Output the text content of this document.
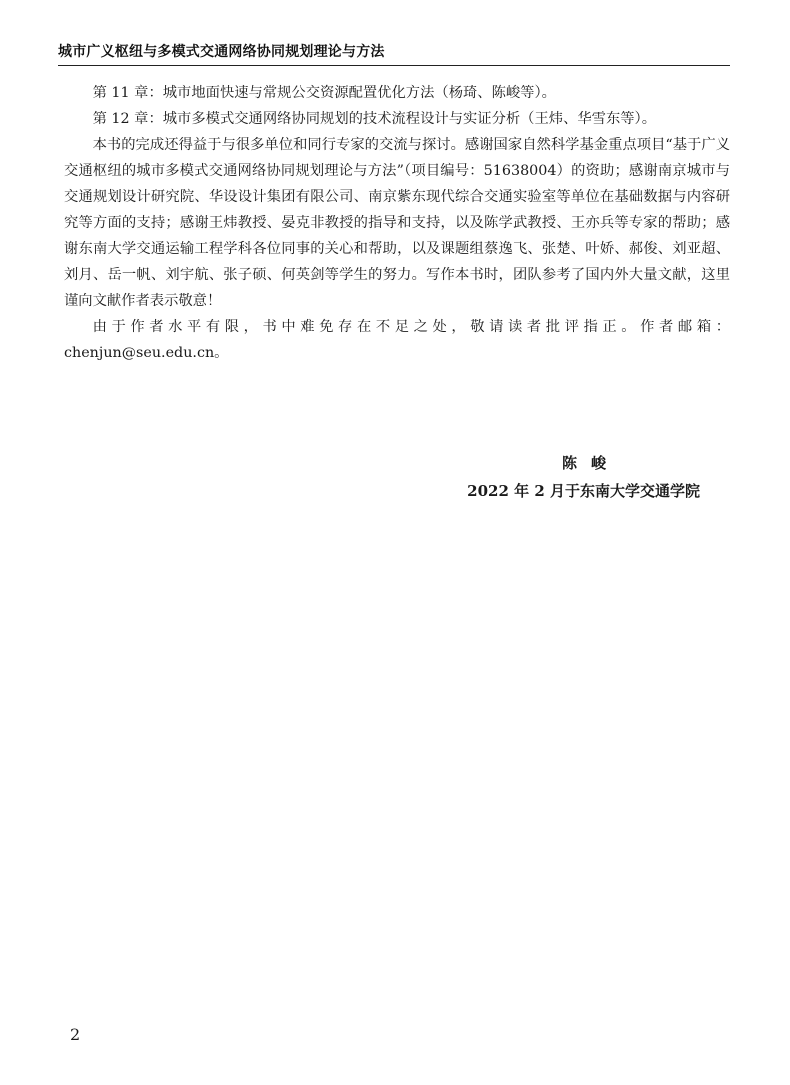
城市广义枢纽与多模式交通网络协同规划理论与方法

第 11 章：城市地面快速与常规公交资源配置优化方法（杨琦、陈峻等）。

第 12 章：城市多模式交通网络协同规划的技术流程设计与实证分析（王炜、华雪东等）。

本书的完成还得益于与很多单位和同行专家的交流与探讨。感谢国家自然科学基金重点项目“基于广义交通枢纽的城市多模式交通网络协同规划理论与方法”（项目编号：51638004）的资助；感谢南京城市与交通规划设计研究院、华设设计集团有限公司、南京紫东现代综合交通实验室等单位在基础数据与内容研究等方面的支持；感谢王炜教授、晏克非教授的指导和支持，以及陈学武教授、王亦兵等专家的帮助；感谢东南大学交通运输工程学科各位同事的关心和帮助，以及课题组蔡逸飞、张楚、叶娇、郝俊、刘亚超、刘月、岳一帆、刘宇航、张子硕、何英剑等学生的努力。写作本书时，团队参考了国内外大量文献，这里谨向文献作者表示敬意！

由于作者水平有限，书中难免存在不足之处，敬请读者批评指正。作者邮箱：chenjun@seu.edu.cn。

陈峻
2022 年 2 月于东南大学交通学院
2
